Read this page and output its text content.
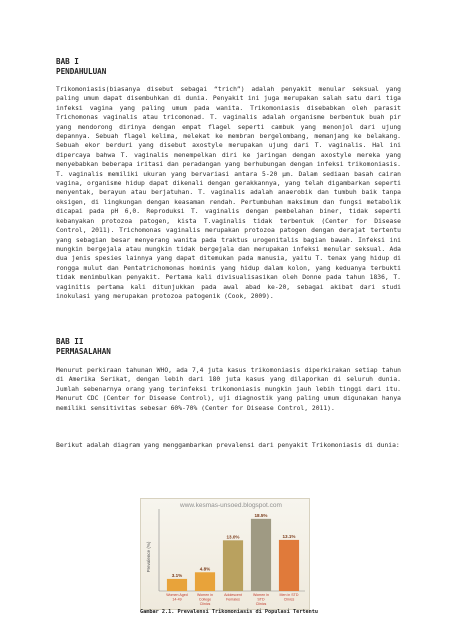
BAB I
PENDAHULUAN

Trikomoniasis(biasanya disebut sebagai “trich”) adalah penyakit menular seksual yang paling umum dapat disembuhkan di dunia. Penyakit ini juga merupakan salah satu dari tiga infeksi vagina yang paling umum pada wanita. Trikomoniasis disebabkan oleh parasit Trichomonas vaginalis atau tricomonad. T. vaginalis adalah organisme berbentuk buah pir yang mendorong dirinya dengan empat flagel seperti cambuk yang menonjol dari ujung depannya. Sebuah flagel kelima, melekat ke membran bergelombang, memanjang ke belakang. Sebuah ekor berduri yang disebut axostyle merupakan ujung dari T. vaginalis. Hal ini dipercaya bahwa T. vaginalis menempelkan diri ke jaringan dengan axostyle mereka yang menyebabkan beberapa iritasi dan peradangan yang berhubungan dengan infeksi trikomoniasis. T. vaginalis memiliki ukuran yang bervariasi antara 5-20 μm. Dalam sediaan basah cairan vagina, organisme hidup dapat dikenali dengan gerakkannya, yang telah digambarkan seperti menyentak, berayun atau berjatuhan. T. vaginalis adalah anaerobik dan tumbuh baik tanpa oksigen, di lingkungan dengan keasaman rendah. Pertumbuhan maksimum dan fungsi metabolik dicapai pada pH 6,0. Reproduksi T. vaginalis dengan pembelahan biner, tidak seperti kebanyakan protozoa patogen, kista T.vaginalis tidak terbentuk (Center for Disease Control, 2011). Trichomonas vaginalis merupakan protozoa patogen dengan derajat tertentu yang sebagian besar menyerang wanita pada traktus urogenitalis bagian bawah. Infeksi ini mungkin bergejala atau mungkin tidak bergejala dan merupakan infeksi menular seksual. Ada dua jenis spesies lainnya yang dapat ditemukan pada manusia, yaitu T. tenax yang hidup di rongga mulut dan Pentatrichomonas hominis yang hidup dalam kolon, yang keduanya terbukti tidak menimbulkan penyakit. Pertama kali divisualisasikan oleh Donne pada tahun 1836, T. vaginitis pertama kali ditunjukkan pada awal abad ke-20, sebagai akibat dari studi inokulasi yang merupakan protozoa patogenik (Cook, 2009).

BAB II
PERMASALAHAN

Menurut perkiraan tahunan WHO, ada 7,4 juta kasus trikomoniasis diperkirakan setiap tahun di Amerika Serikat, dengan lebih dari 180 juta kasus yang dilaporkan di seluruh dunia. Jumlah sebenarnya orang yang terinfeksi trikomoniasis mungkin jauh lebih tinggi dari itu. Menurut CDC (Center for Disease Control), uji diagnostik yang paling umum digunakan hanya memiliki sensitivitas sebesar 60%-70% (Center for Disease Control, 2011).

Berikut adalah diagram yang menggambarkan prevalensi dari penyakit Trikomoniasis di dunia:

www.kesmas-unsoed.blogspot.com
Prevalence (%)
3.1%
Women Aged
14-49
4.8%
Women in
College
Clinics
13.0%
Adolescent
Females
18.5%
Women in
STD
Clinics
13.1%
Men in STD
Clinics
Gambar 2.1. Prevalensi Trikomoniasis di Populasi Tertentu
